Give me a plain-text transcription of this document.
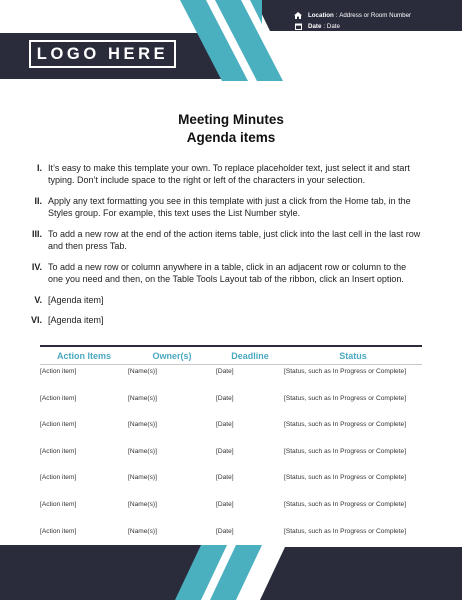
LOGO HERE
Location : Address or Room Number
Date : Date
Time : Time
Meeting Minutes
Agenda items
I. It’s easy to make this template your own. To replace placeholder text, just select it and start typing. Don’t include space to the right or left of the characters in your selection.
II. Apply any text formatting you see in this template with just a click from the Home tab, in the Styles group. For example, this text uses the List Number style.
III. To add a new row at the end of the action items table, just click into the last cell in the last row and then press Tab.
IV. To add a new row or column anywhere in a table, click in an adjacent row or column to the one you need and then, on the Table Tools Layout tab of the ribbon, click an Insert option.
V. [Agenda item]
VI. [Agenda item]
Action Items	Owner(s)	Deadline	Status
[Action item]	[Name(s)]	[Date]	[Status, such as In Progress or Complete]
[Action item]	[Name(s)]	[Date]	[Status, such as In Progress or Complete]
[Action item]	[Name(s)]	[Date]	[Status, such as In Progress or Complete]
[Action item]	[Name(s)]	[Date]	[Status, such as In Progress or Complete]
[Action item]	[Name(s)]	[Date]	[Status, such as In Progress or Complete]
[Action item]	[Name(s)]	[Date]	[Status, such as In Progress or Complete]
[Action item]	[Name(s)]	[Date]	[Status, such as In Progress or Complete]
